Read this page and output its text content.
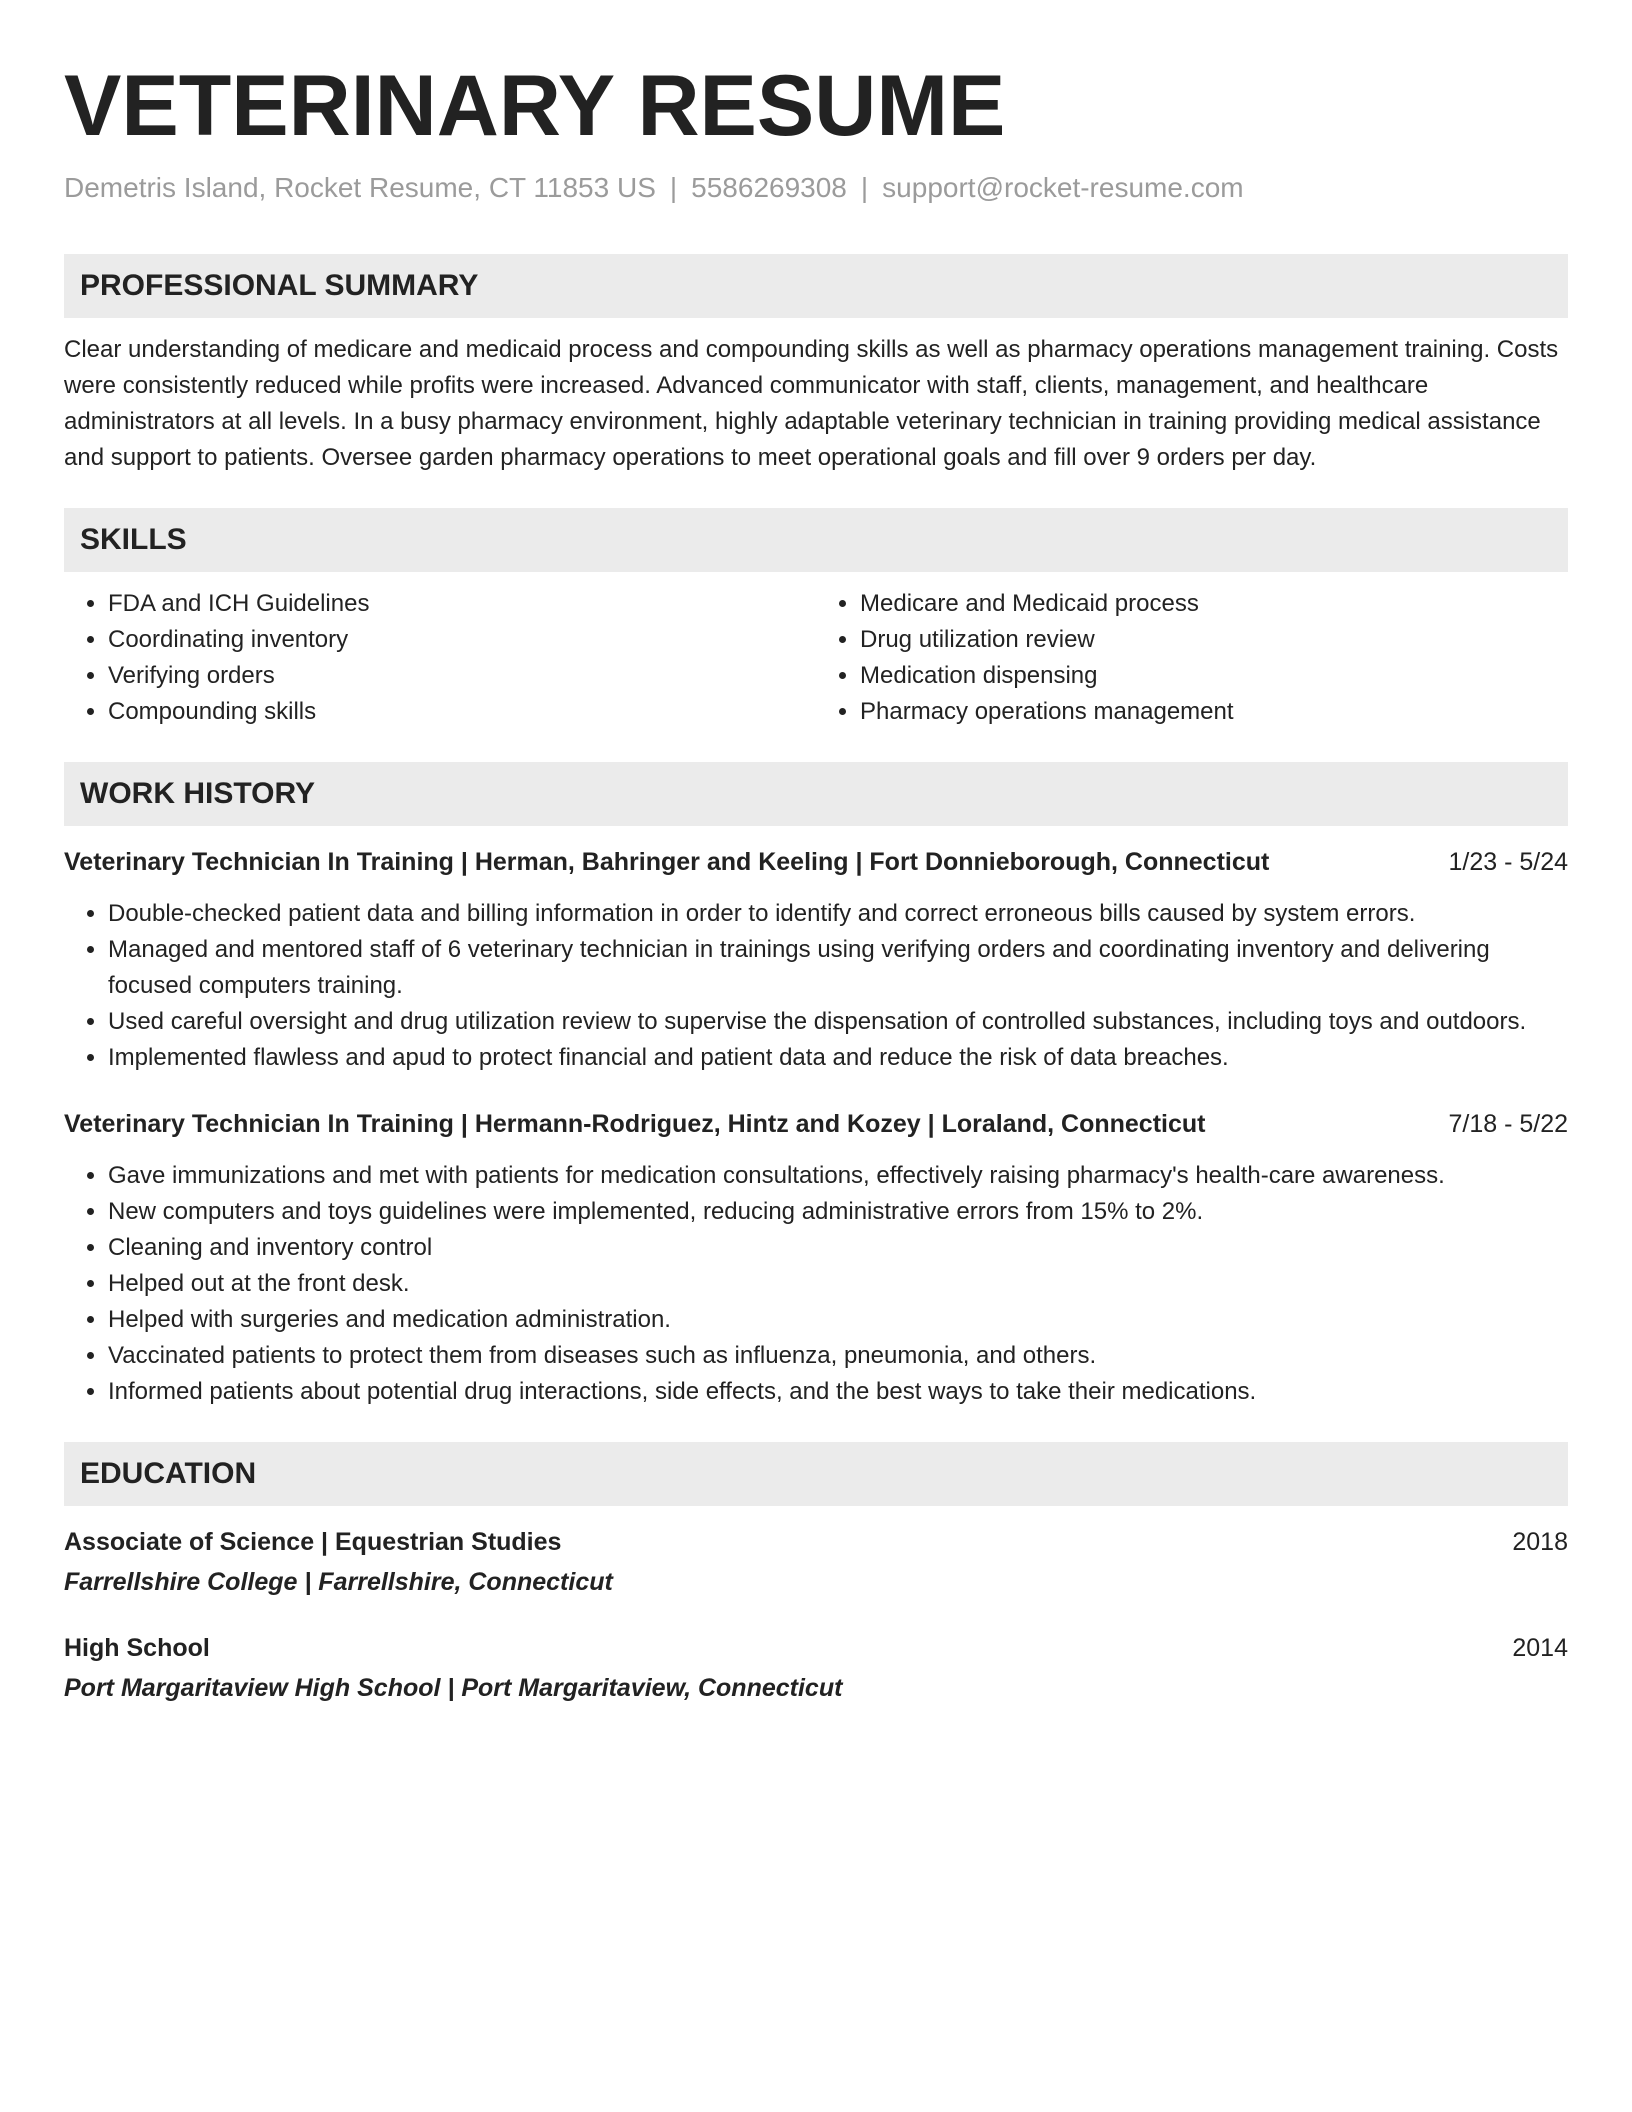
VETERINARY RESUME
Demetris Island, Rocket Resume, CT 11853 US | 5586269308 | support@rocket-resume.com
PROFESSIONAL SUMMARY

Clear understanding of medicare and medicaid process and compounding skills as well as pharmacy operations management training. Costs were consistently reduced while profits were increased. Advanced communicator with staff, clients, management, and healthcare administrators at all levels. In a busy pharmacy environment, highly adaptable veterinary technician in training providing medical assistance and support to patients. Oversee garden pharmacy operations to meet operational goals and fill over 9 orders per day.

SKILLS
• FDA and ICH Guidelines
• Coordinating inventory
• Verifying orders
• Compounding skills
• Medicare and Medicaid process
• Drug utilization review
• Medication dispensing
• Pharmacy operations management
WORK HISTORY
Veterinary Technician In Training | Herman, Bahringer and Keeling | Fort Donnieborough, Connecticut	1/23 - 5/24
• Double-checked patient data and billing information in order to identify and correct erroneous bills caused by system errors.
• Managed and mentored staff of 6 veterinary technician in trainings using verifying orders and coordinating inventory and delivering focused computers training.
• Used careful oversight and drug utilization review to supervise the dispensation of controlled substances, including toys and outdoors.
• Implemented flawless and apud to protect financial and patient data and reduce the risk of data breaches.
Veterinary Technician In Training | Hermann-Rodriguez, Hintz and Kozey | Loraland, Connecticut	7/18 - 5/22
• Gave immunizations and met with patients for medication consultations, effectively raising pharmacy's health-care awareness.
• New computers and toys guidelines were implemented, reducing administrative errors from 15% to 2%.
• Cleaning and inventory control
• Helped out at the front desk.
• Helped with surgeries and medication administration.
• Vaccinated patients to protect them from diseases such as influenza, pneumonia, and others.
• Informed patients about potential drug interactions, side effects, and the best ways to take their medications.
EDUCATION
Associate of Science | Equestrian Studies	2018
Farrellshire College | Farrellshire, Connecticut
High School	2014
Port Margaritaview High School | Port Margaritaview, Connecticut
